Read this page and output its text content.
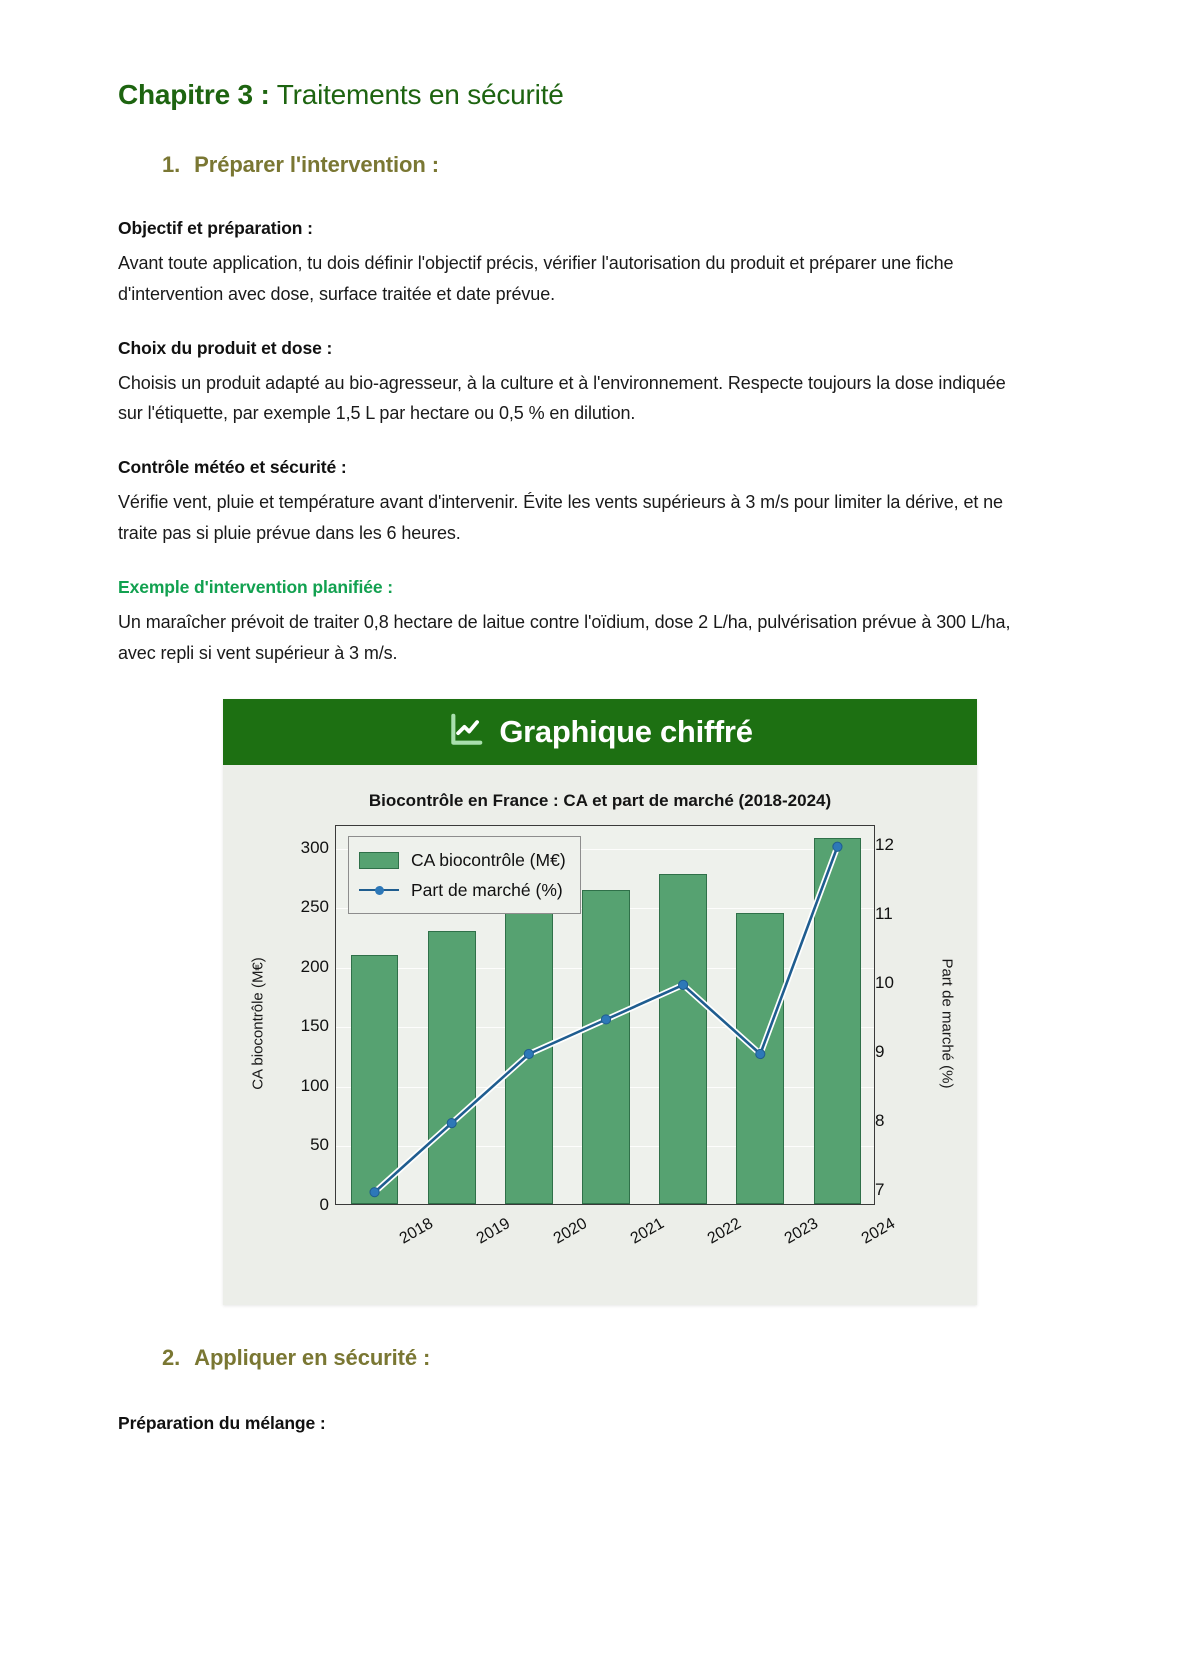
Chapitre 3 : Traitements en sécurité
1. Préparer l'intervention :
Objectif et préparation :
Avant toute application, tu dois définir l'objectif précis, vérifier l'autorisation du produit et préparer une fiche d'intervention avec dose, surface traitée et date prévue.
Choix du produit et dose :
Choisis un produit adapté au bio-agresseur, à la culture et à l'environnement. Respecte toujours la dose indiquée sur l'étiquette, par exemple 1,5 L par hectare ou 0,5 % en dilution.
Contrôle météo et sécurité :
Vérifie vent, pluie et température avant d'intervenir. Évite les vents supérieurs à 3 m/s pour limiter la dérive, et ne traite pas si pluie prévue dans les 6 heures.
Exemple d'intervention planifiée :
Un maraîcher prévoit de traiter 0,8 hectare de laitue contre l'oïdium, dose 2 L/ha, pulvérisation prévue à 300 L/ha, avec repli si vent supérieur à 3 m/s.
Graphique chiffré
Biocontrôle en France : CA et part de marché (2018-2024)
CA biocontrôle (M€)	Part de marché (%)
300
250
200
150
100
50
0
12
11
10
9
8
7
CA biocontrôle (M€)
Part de marché (%)
2018 2019 2020 2021 2022 2023 2024
2. Appliquer en sécurité :
Préparation du mélange :
